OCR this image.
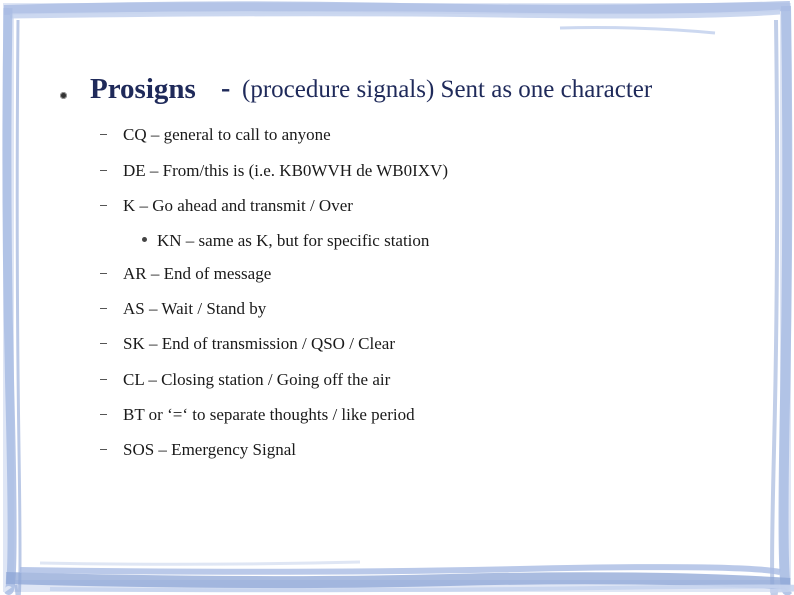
Prosigns - (procedure signals) Sent as one character
CQ – general to call to anyone
DE – From/this is (i.e. KB0WVH de WB0IXV)
K – Go ahead and transmit / Over
KN – same as K, but for specific station
AR – End of message
AS – Wait / Stand by
SK – End of transmission / QSO / Clear
CL – Closing station / Going off the air
BT or ‘=‘ to separate thoughts / like period
SOS – Emergency Signal
